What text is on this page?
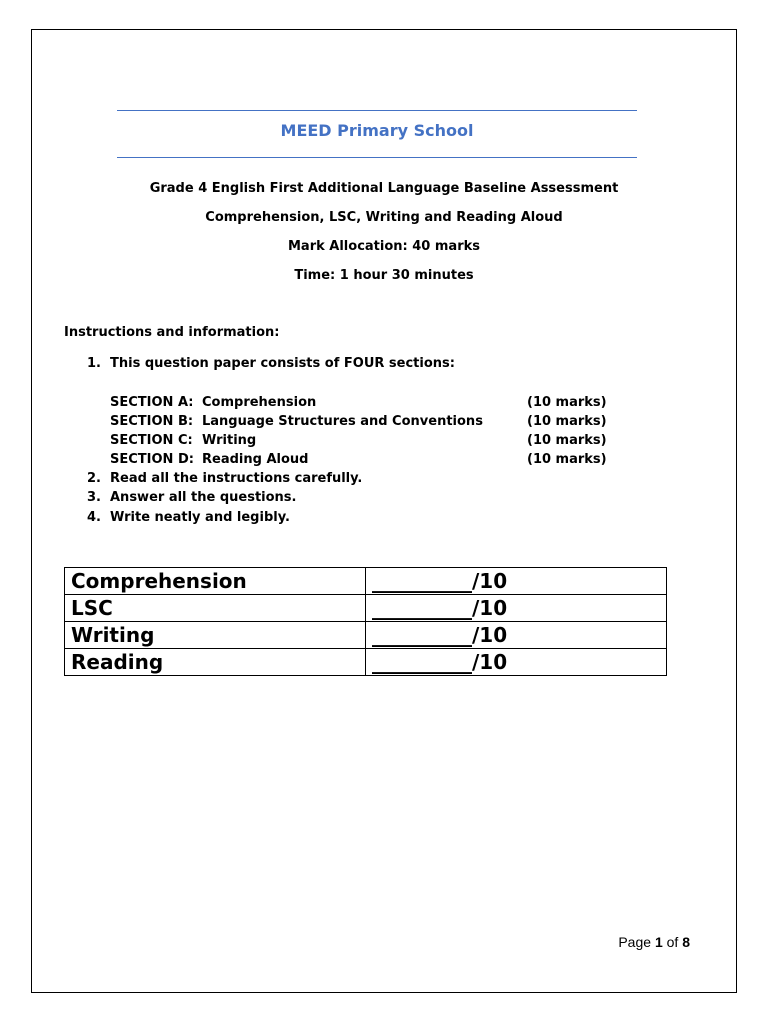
MEED Primary School
Grade 4 English First Additional Language Baseline Assessment
Comprehension, LSC, Writing and Reading Aloud
Mark Allocation: 40 marks
Time: 1 hour 30 minutes
Instructions and information:
1. This question paper consists of FOUR sections:
SECTION A: Comprehension	(10 marks)
SECTION B: Language Structures and Conventions	(10 marks)
SECTION C: Writing	(10 marks)
SECTION D: Reading Aloud	(10 marks)
2. Read all the instructions carefully.
3. Answer all the questions.
4. Write neatly and legibly.
Comprehension	__________/10
LSC	__________/10
Writing	__________/10
Reading	__________/10
Page 1 of 8
